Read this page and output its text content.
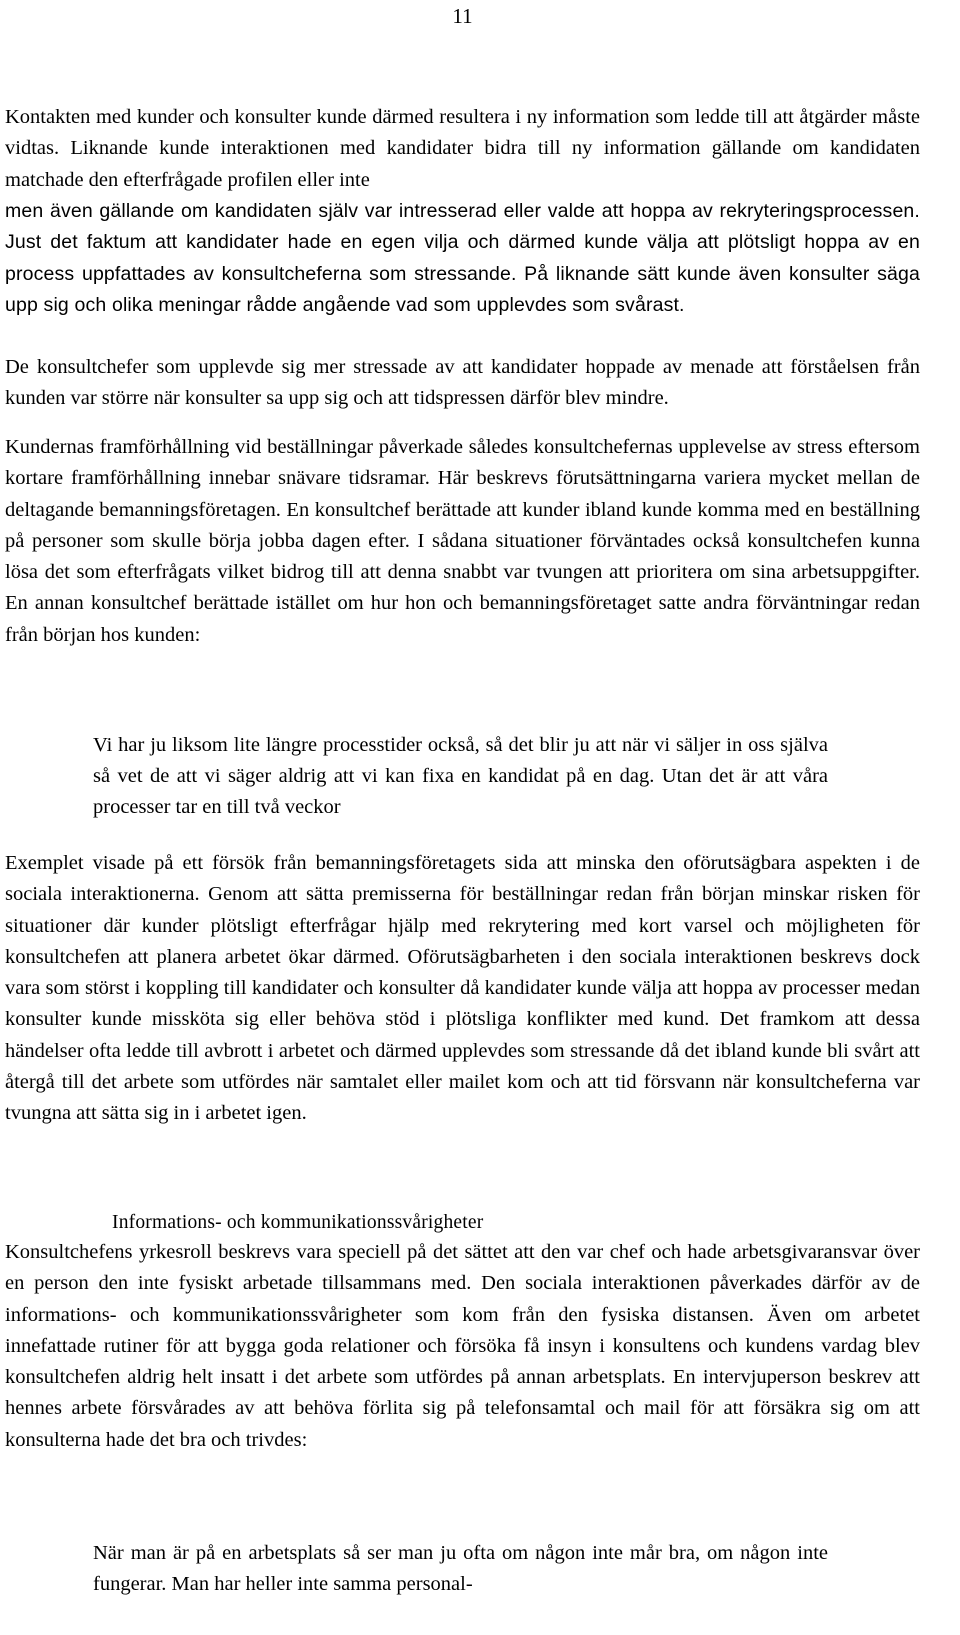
11

Kontakten med kunder och konsulter kunde därmed resultera i ny information som ledde till att åtgärder måste vidtas. Liknande kunde interaktionen med kandidater bidra till ny information gällande om kandidaten matchade den efterfrågade profilen eller inte

men även gällande om kandidaten själv var intresserad eller valde att hoppa av rekryteringsprocessen. Just det faktum att kandidater hade en egen vilja och därmed kunde välja att plötsligt hoppa av en process uppfattades av konsultcheferna som stressande. På liknande sätt kunde även konsulter säga upp sig och olika meningar rådde angående vad som upplevdes som svårast.

De konsultchefer som upplevde sig mer stressade av att kandidater hoppade av menade att förståelsen från kunden var större när konsulter sa upp sig och att tidspressen därför blev mindre.

Kundernas framförhållning vid beställningar påverkade således konsultchefernas upplevelse av stress eftersom kortare framförhållning innebar snävare tidsramar. Här beskrevs förutsättningarna variera mycket mellan de deltagande bemanningsföretagen. En konsultchef berättade att kunder ibland kunde komma med en beställning på personer som skulle börja jobba dagen efter. I sådana situationer förväntades också konsultchefen kunna lösa det som efterfrågats vilket bidrog till att denna snabbt var tvungen att prioritera om sina arbetsuppgifter. En annan konsultchef berättade istället om hur hon och bemanningsföretaget satte andra förväntningar redan från början hos kunden:

Vi har ju liksom lite längre processtider också, så det blir ju att när vi säljer in oss själva så vet de att vi säger aldrig att vi kan fixa en kandidat på en dag. Utan det är att våra processer tar en till två veckor

Exemplet visade på ett försök från bemanningsföretagets sida att minska den oförutsägbara aspekten i de sociala interaktionerna. Genom att sätta premisserna för beställningar redan från början minskar risken för situationer där kunder plötsligt efterfrågar hjälp med rekrytering med kort varsel och möjligheten för konsultchefen att planera arbetet ökar därmed. Oförutsägbarheten i den sociala interaktionen beskrevs dock vara som störst i koppling till kandidater och konsulter då kandidater kunde välja att hoppa av processer medan konsulter kunde missköta sig eller behöva stöd i plötsliga konflikter med kund. Det framkom att dessa händelser ofta ledde till avbrott i arbetet och därmed upplevdes som stressande då det ibland kunde bli svårt att återgå till det arbete som utfördes när samtalet eller mailet kom och att tid försvann när konsultcheferna var tvungna att sätta sig in i arbetet igen.

Informations- och kommunikationssvårigheter

Konsultchefens yrkesroll beskrevs vara speciell på det sättet att den var chef och hade arbetsgivaransvar över en person den inte fysiskt arbetade tillsammans med. Den sociala interaktionen påverkades därför av de informations- och kommunikationssvårigheter som kom från den fysiska distansen. Även om arbetet innefattade rutiner för att bygga goda relationer och försöka få insyn i konsultens och kundens vardag blev konsultchefen aldrig helt insatt i det arbete som utfördes på annan arbetsplats. En intervjuperson beskrev att hennes arbete försvårades av att behöva förlita sig på telefonsamtal och mail för att försäkra sig om att konsulterna hade det bra och trivdes:

När man är på en arbetsplats så ser man ju ofta om någon inte mår bra, om någon inte fungerar. Man har heller inte samma personal-
